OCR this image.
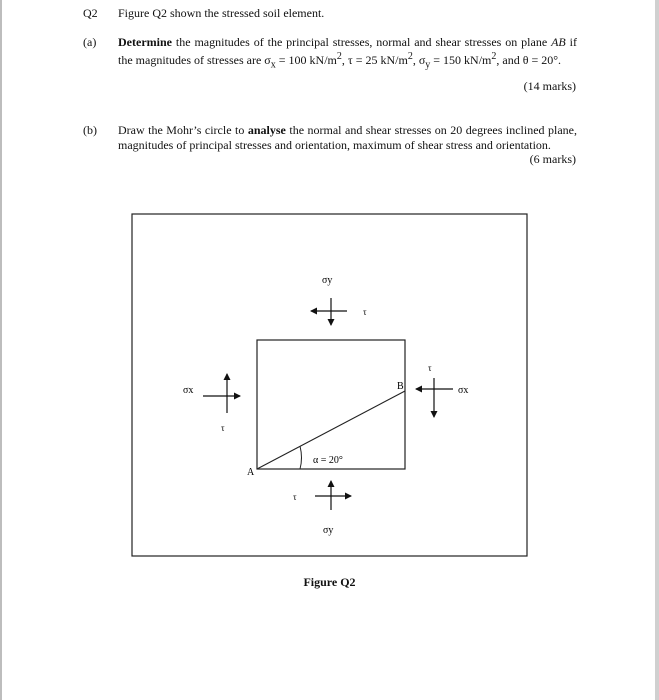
Q2 Figure Q2 shown the stressed soil element.
(a) Determine the magnitudes of the principal stresses, normal and shear stresses on plane AB if the magnitudes of stresses are $\sigma_x = 100$ $kN/m^2$, τ = 25 $kN/m^2$, $\sigma_y = 150$ $kN/m^2$, and θ = 20°.
(14 marks)
(b) Draw the Mohr’s circle to analyse the normal and shear stresses on 20 degrees inclined plane, magnitudes of principal stresses and orientation, maximum of shear stress and orientation.
(6 marks)
α = 20°
A
B
σy
τ
τ
σy
σx
τ
τ
σx
Figure Q2
